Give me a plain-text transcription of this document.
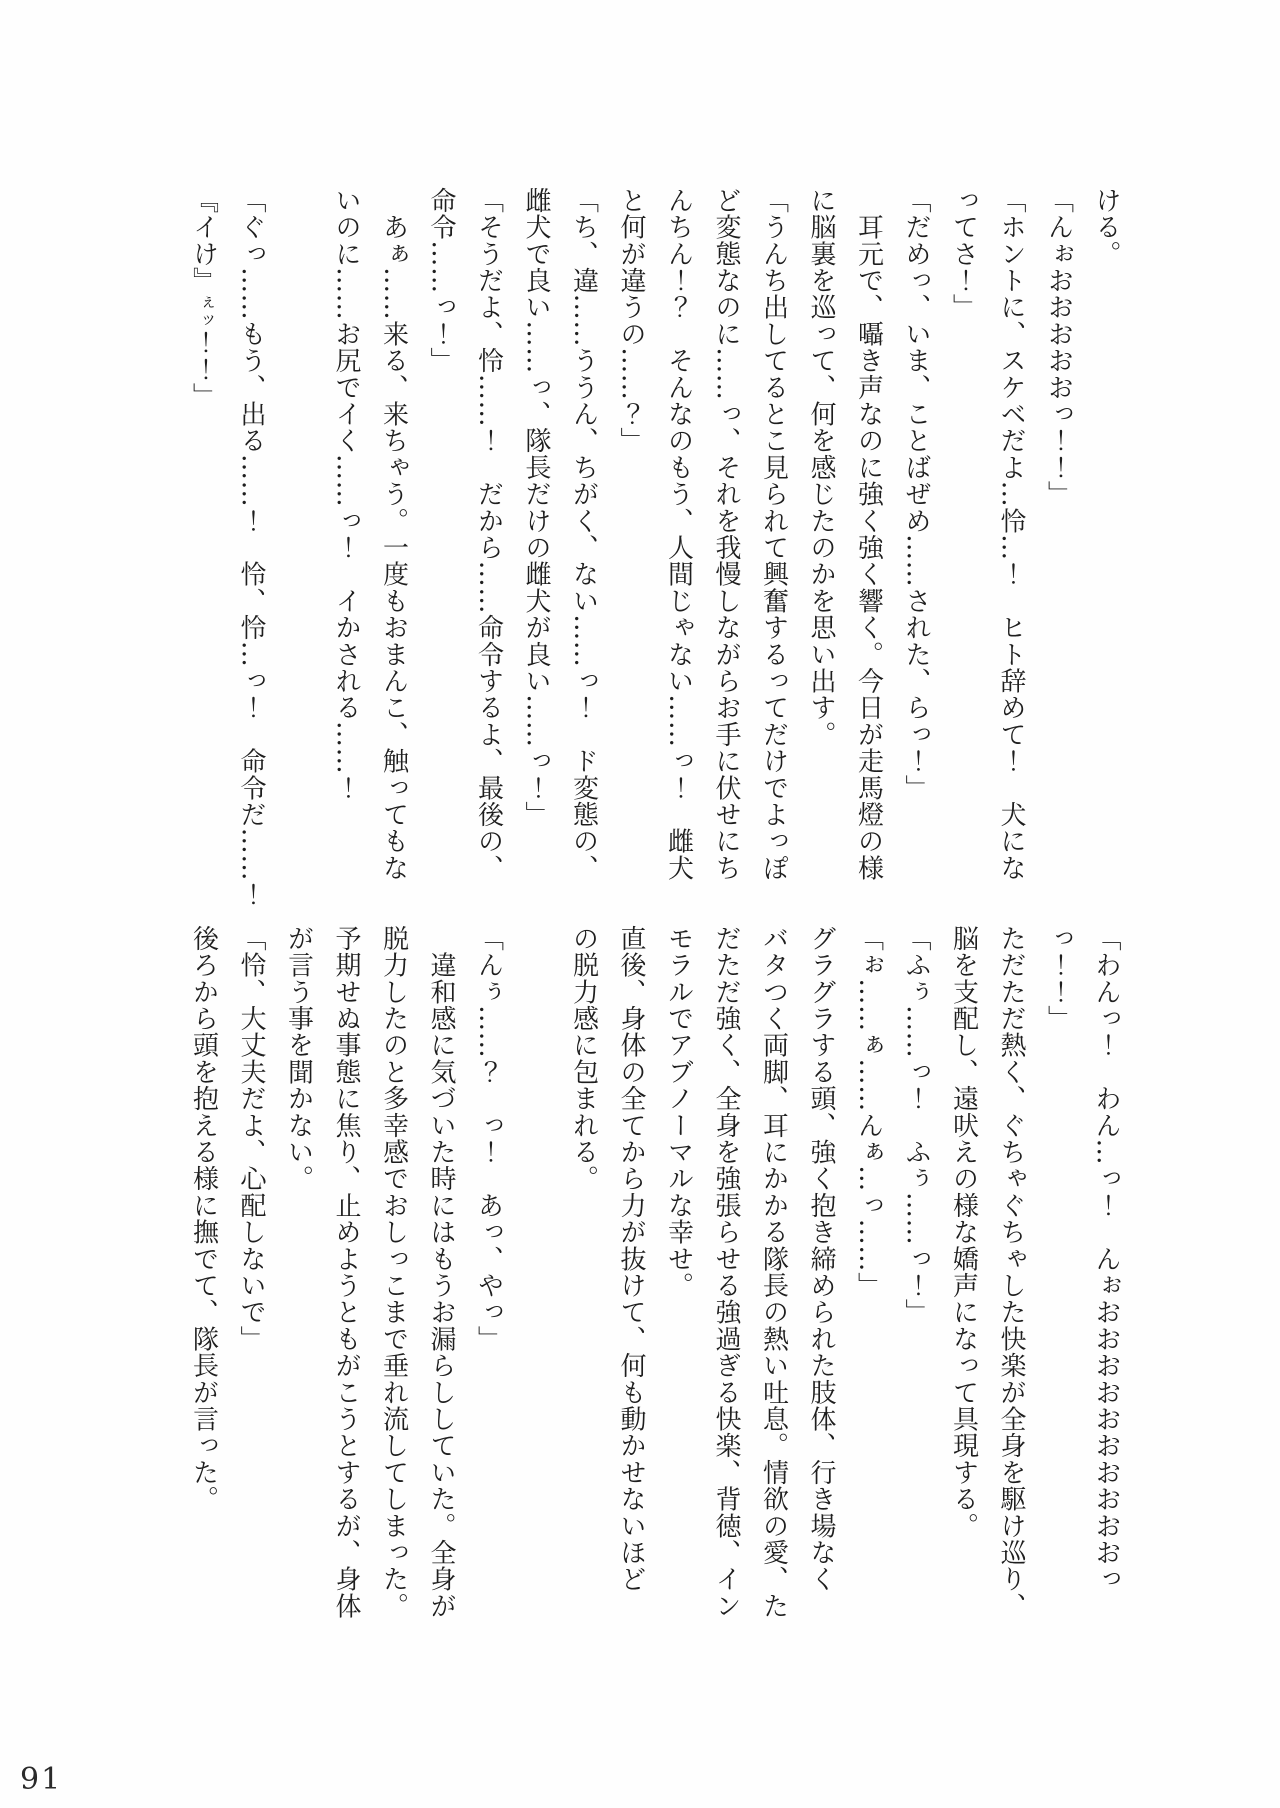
ける。

「んぉおおおおおっ！！」

「ホントに、スケベだよ…怜…！　ヒト辞めて！　犬にな

ってさ！」

「だめっ、いま、ことばぜめ……された、らっ！」

　耳元で、囁き声なのに強く強く響く。今日が走馬燈の様

に脳裏を巡って、何を感じたのかを思い出す。

「うんち出してるとこ見られて興奮するってだけでよっぽ

ど変態なのに……っ、それを我慢しながらお手に伏せにち

んちん！？　そんなのもう、人間じゃない……っ！　雌犬

と何が違うの……？」

「ち、違……ううん、ちがく、ない……っ！　ド変態の、

雌犬で良い……っ、隊長だけの雌犬が良い……っ！」

「そうだよ、怜……！　だから……命令するよ、最後の、

命令……っ！」

　あぁ……来る、来ちゃう。一度もおまんこ、触ってもな

いのに……お尻でイく……っ！　イかされる……！

「ぐっ……もう、出る……！　怜、怜…っ！　命令だ……！

『イけ』ぇッ！！」

「わんっ！　わん…っ！　んぉおおおおおおおおおおっ

っ！！」

ただただ熱く、ぐちゃぐちゃした快楽が全身を駆け巡り、

脳を支配し、遠吠えの様な嬌声になって具現する。

「ふぅ……っ！　ふぅ……っ！」

「ぉ……ぁ……んぁ…っ……」

グラグラする頭、強く抱き締められた肢体、行き場なく

バタつく両脚、耳にかかる隊長の熱い吐息。情欲の愛、た

だただ強く、全身を強張らせる強過ぎる快楽、背徳、イン

モラルでアブノーマルな幸せ。

直後、身体の全てから力が抜けて、何も動かせないほど

の脱力感に包まれる。

「んぅ……？　っ！　あっ、やっ」

　違和感に気づいた時にはもうお漏らししていた。全身が

脱力したのと多幸感でおしっこまで垂れ流してしまった。

予期せぬ事態に焦り、止めようともがこうとするが、身体

が言う事を聞かない。

「怜、大丈夫だよ、心配しないで」

後ろから頭を抱える様に撫でて、隊長が言った。

91
